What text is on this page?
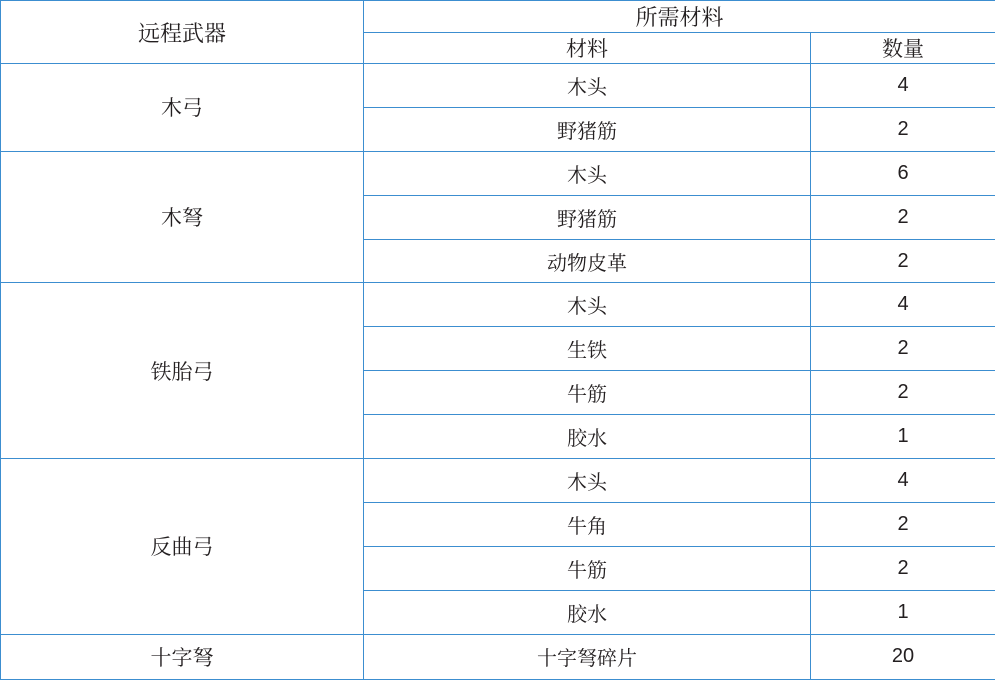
远程武器	所需材料	
	材料	数量
木弓	木头	4
	野猪筋	2
木弩	木头	6
	野猪筋	2
	动物皮革	2
铁胎弓	木头	4
	生铁	2
	牛筋	2
	胶水	1
反曲弓	木头	4
	牛角	2
	牛筋	2
	胶水	1
十字弩	十字弩碎片	20
